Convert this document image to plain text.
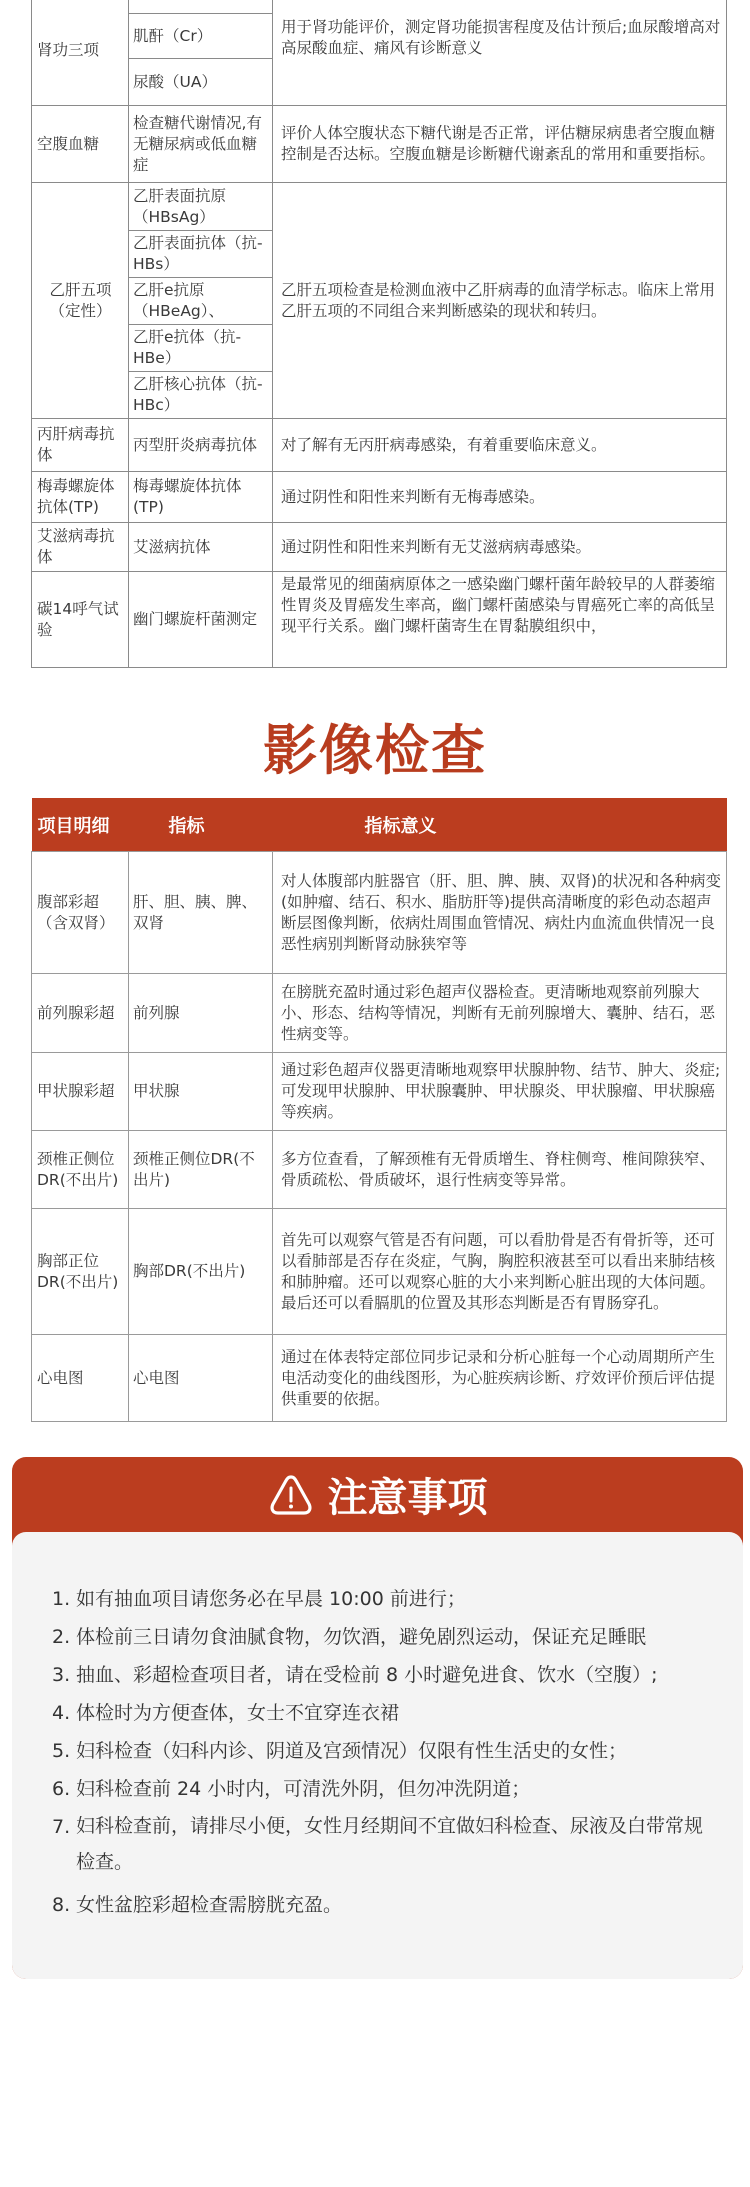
肾功三项		用于肾功能评价，测定肾功能损害程度及估计预后;血尿酸增高对高尿酸血症、痛风有诊断意义
	肌酐（Cr）	
	尿酸（UA）	
空腹血糖	检查糖代谢情况,有无糖尿病或低血糖症	评价人体空腹状态下糖代谢是否正常，评估糖尿病患者空腹血糖控制是否达标。空腹血糖是诊断糖代谢紊乱的常用和重要指标。
乙肝五项（定性）	乙肝表面抗原（HBsAg）	乙肝五项检查是检测血液中乙肝病毒的血清学标志。临床上常用乙肝五项的不同组合来判断感染的现状和转归。
	乙肝表面抗体（抗-HBs）	
	乙肝e抗原（HBeAg）、	
	乙肝e抗体（抗-HBe）	
	乙肝核心抗体（抗-HBc）	
丙肝病毒抗体	丙型肝炎病毒抗体	对了解有无丙肝病毒感染，有着重要临床意义。
梅毒螺旋体抗体(TP)	梅毒螺旋体抗体(TP)	通过阴性和阳性来判断有无梅毒感染。
艾滋病毒抗体	艾滋病抗体	通过阴性和阳性来判断有无艾滋病病毒感染。
碳14呼气试验	幽门螺旋杆菌测定	是最常见的细菌病原体之一感染幽门螺杆菌年龄较早的人群萎缩性胃炎及胃癌发生率高，幽门螺杆菌感染与胃癌死亡率的高低呈现平行关系。幽门螺杆菌寄生在胃黏膜组织中，
影像检查
项目明细	指标	指标意义
腹部彩超（含双肾）	肝、胆、胰、脾、双肾	对人体腹部内脏器官（肝、胆、脾、胰、双肾)的状况和各种病变(如肿瘤、结石、积水、脂肪肝等)提供高清晰度的彩色动态超声断层图像判断，依病灶周围血管情况、病灶内血流血供情况一良恶性病别判断肾动脉狭窄等
前列腺彩超	前列腺	在膀胱充盈时通过彩色超声仪器检查。更清晰地观察前列腺大小、形态、结构等情况，判断有无前列腺增大、囊肿、结石，恶性病变等。
甲状腺彩超	甲状腺	通过彩色超声仪器更清晰地观察甲状腺肿物、结节、肿大、炎症;可发现甲状腺肿、甲状腺囊肿、甲状腺炎、甲状腺瘤、甲状腺癌等疾病。
颈椎正侧位DR(不出片)	颈椎正侧位DR(不出片)	多方位查看，了解颈椎有无骨质增生、脊柱侧弯、椎间隙狭窄、骨质疏松、骨质破坏，退行性病变等异常。
胸部正位DR(不出片)	胸部DR(不出片)	首先可以观察气管是否有问题，可以看肋骨是否有骨折等，还可以看肺部是否存在炎症，气胸，胸腔积液甚至可以看出来肺结核和肺肿瘤。还可以观察心脏的大小来判断心脏出现的大体问题。最后还可以看膈肌的位置及其形态判断是否有胃肠穿孔。
心电图	心电图	通过在体表特定部位同步记录和分析心脏每一个心动周期所产生电活动变化的曲线图形，为心脏疾病诊断、疗效评价预后评估提供重要的依据。
注意事项
1. 如有抽血项目请您务必在早晨 10:00 前进行；
2. 体检前三日请勿食油腻食物，勿饮酒，避免剧烈运动，保证充足睡眠
3. 抽血、彩超检查项目者，请在受检前 8 小时避免进食、饮水（空腹）;
4. 体检时为方便查体，女士不宜穿连衣裙
5. 妇科检查（妇科内诊、阴道及宫颈情况）仅限有性生活史的女性；
6. 妇科检查前 24 小时内，可清洗外阴，但勿冲洗阴道；
7. 妇科检查前，请排尽小便，女性月经期间不宜做妇科检查、尿液及白带常规检查。
8. 女性盆腔彩超检查需膀胱充盈。
